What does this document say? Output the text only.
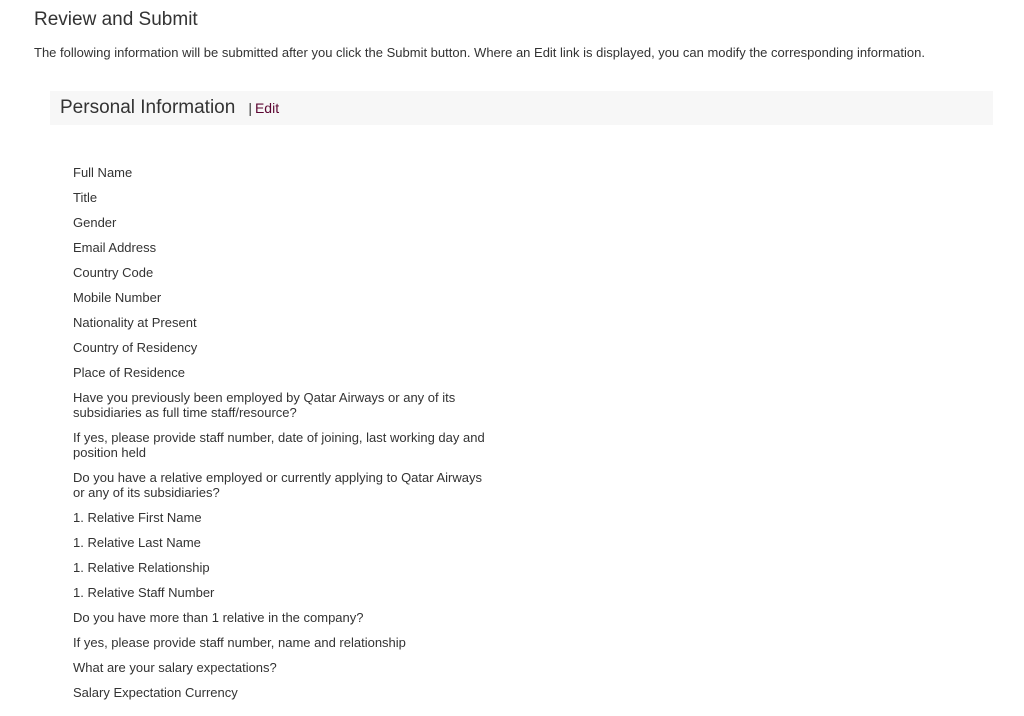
Review and Submit

The following information will be submitted after you click the Submit button. Where an Edit link is displayed, you can modify the corresponding information.

Personal Information | Edit
Full Name
Title
Gender
Email Address
Country Code
Mobile Number
Nationality at Present
Country of Residency
Place of Residence
Have you previously been employed by Qatar Airways or any of its subsidiaries as full time staff/resource?
If yes, please provide staff number, date of joining, last working day and position held
Do you have a relative employed or currently applying to Qatar Airways or any of its subsidiaries?
1. Relative First Name
1. Relative Last Name
1. Relative Relationship
1. Relative Staff Number
Do you have more than 1 relative in the company?
If yes, please provide staff number, name and relationship
What are your salary expectations?
Salary Expectation Currency
